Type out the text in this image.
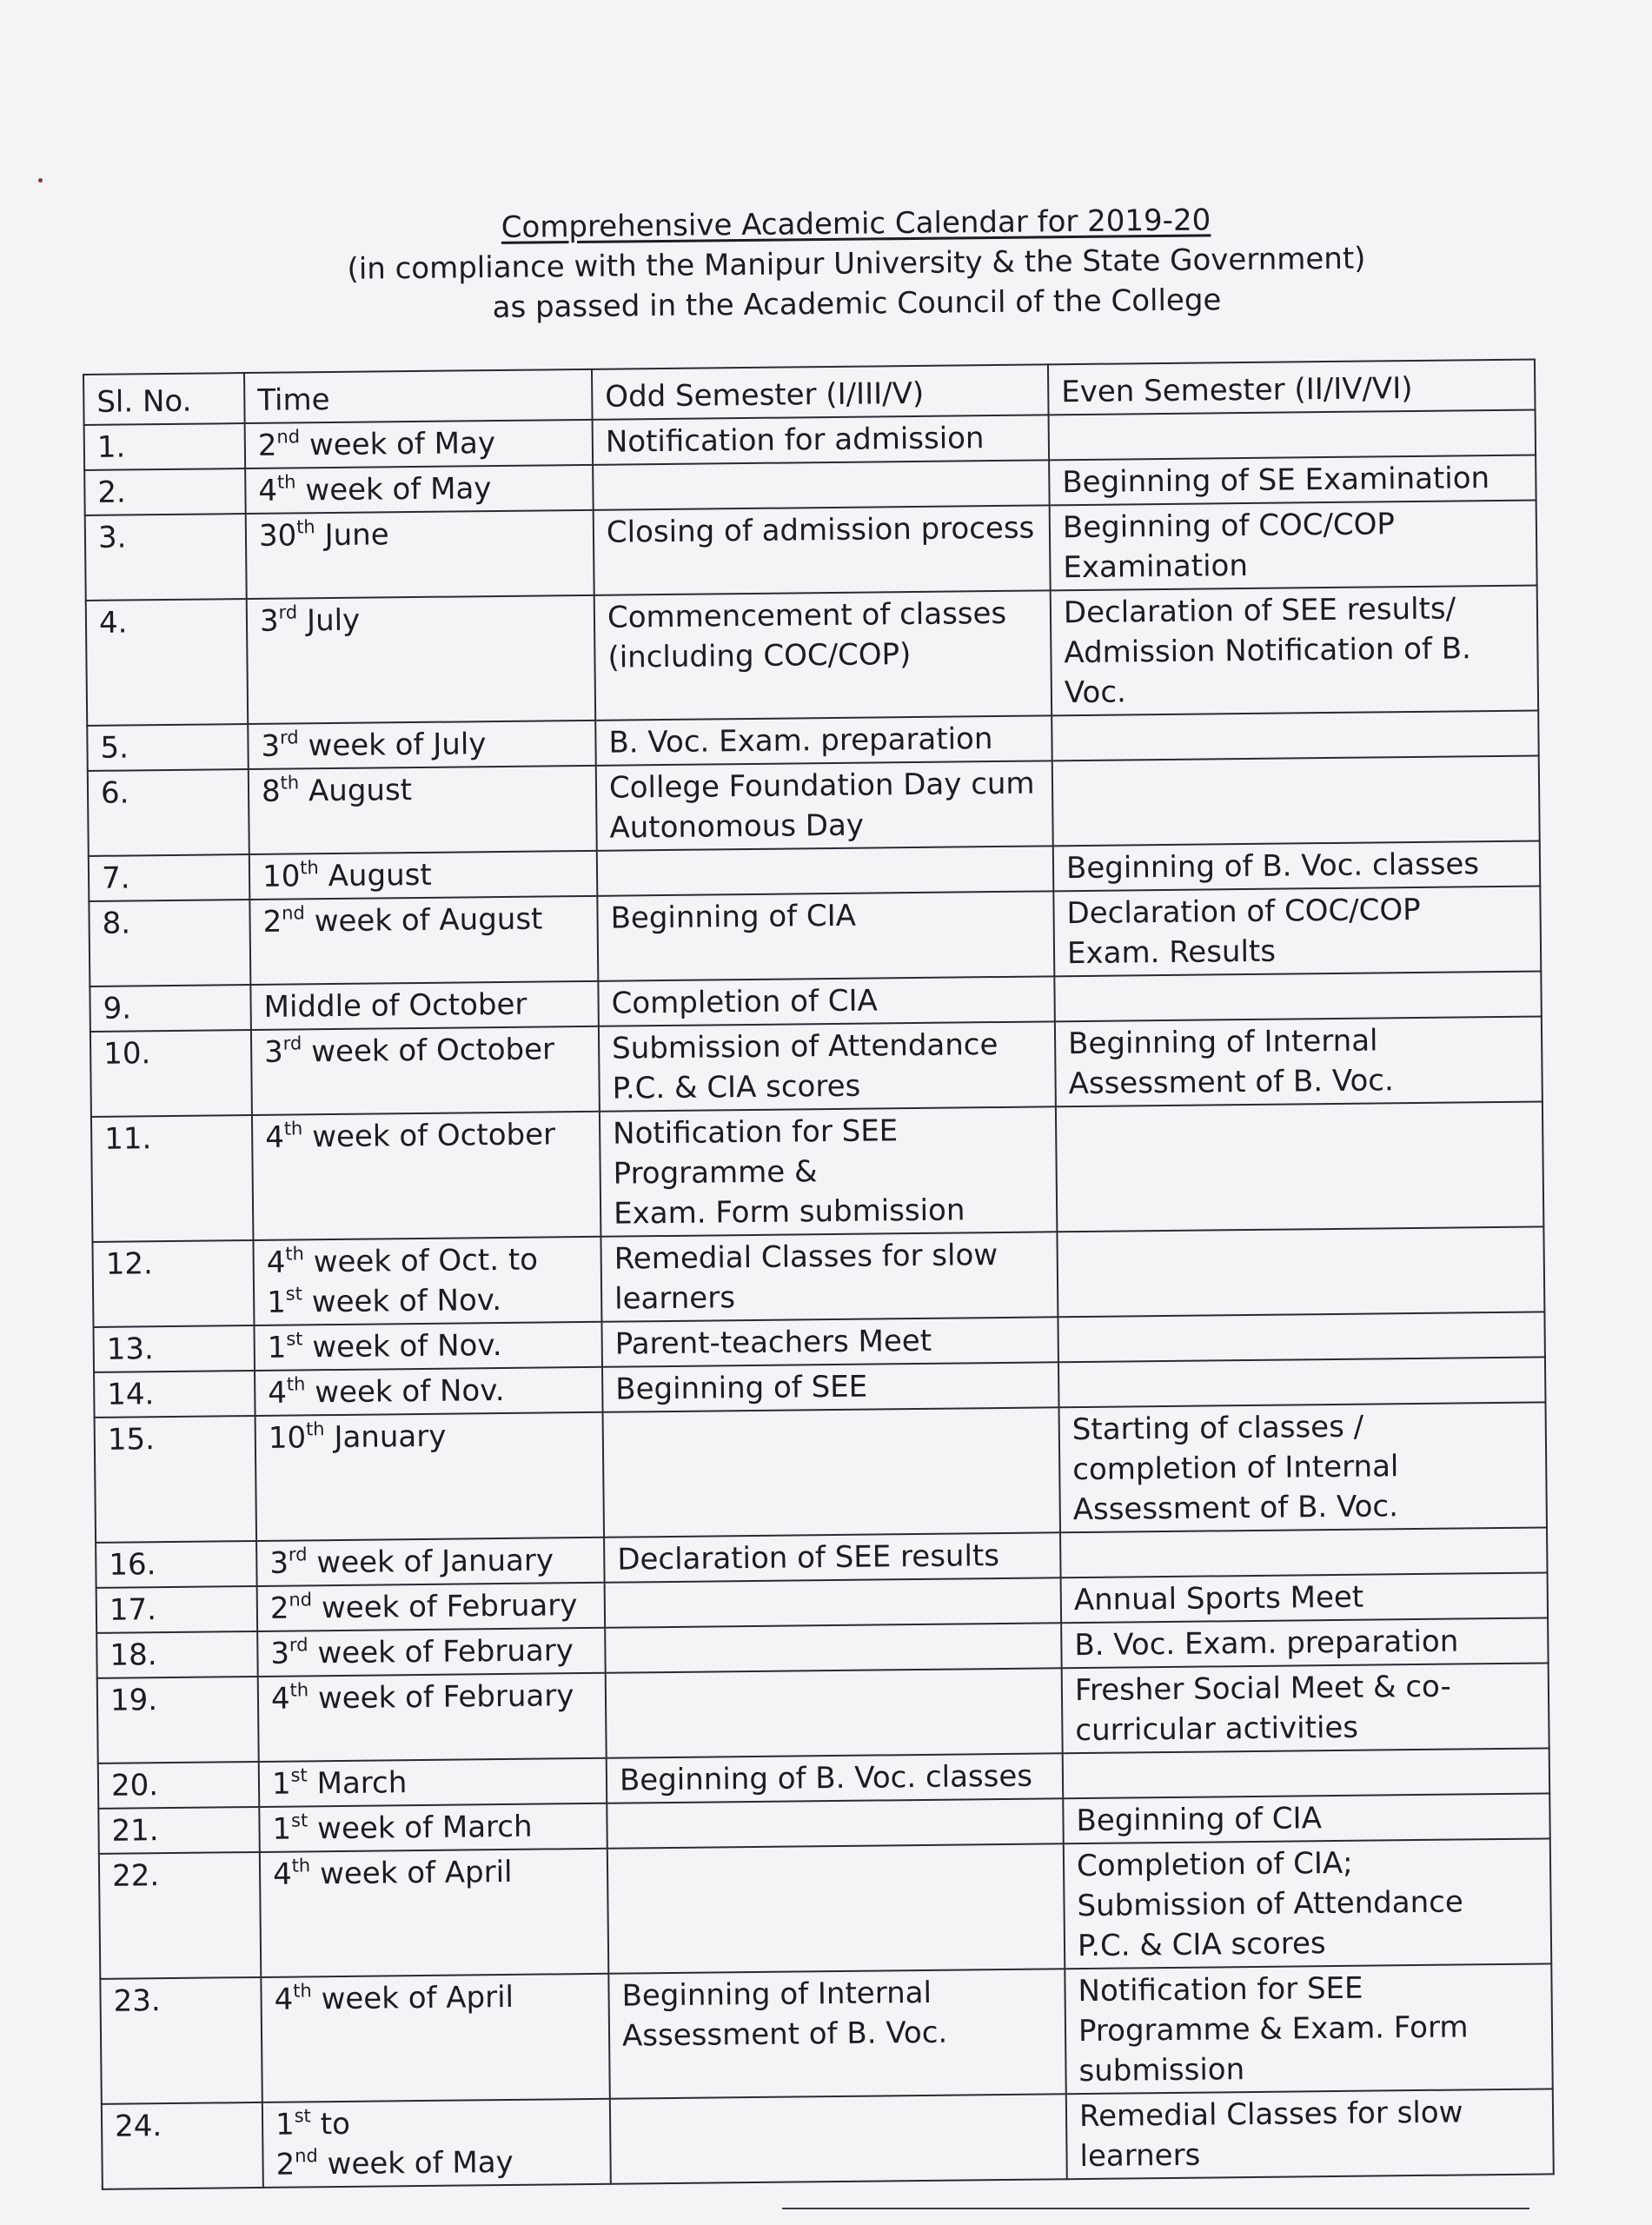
Comprehensive Academic Calendar for 2019-20
(in compliance with the Manipur University & the State Government)
as passed in the Academic Council of the College
Sl. No.	Time	Odd Semester (I/III/V)	Even Semester (II/IV/VI)
1.	2nd week of May	Notification for admission	

2.	4th week of May		Beginning of SE Examination

3.	30th June	Closing of admission process	Beginning of COC/COP
Examination

4.	3rd July	Commencement of classes
(including COC/COP)	Declaration of SEE results/
Admission Notification of B.
Voc.

5.	3rd week of July	B. Voc. Exam. preparation	

6.	8th August	College Foundation Day cum
Autonomous Day	

7.	10th August		Beginning of B. Voc. classes

8.	2nd week of August	Beginning of CIA	Declaration of COC/COP
Exam. Results

9.	Middle of October	Completion of CIA	

10.	3rd week of October	Submission of Attendance
P.C. & CIA scores	Beginning of Internal
Assessment of B. Voc.

11.	4th week of October	Notification for SEE
Programme &
Exam. Form submission	

12.	4th week of Oct. to
1st week of Nov.	Remedial Classes for slow
learners	

13.	1st week of Nov.	Parent-teachers Meet	

14.	4th week of Nov.	Beginning of SEE	

15.	10th January		Starting of classes /
completion of Internal
Assessment of B. Voc.

16.	3rd week of January	Declaration of SEE results	

17.	2nd week of February		Annual Sports Meet

18.	3rd week of February		B. Voc. Exam. preparation

19.	4th week of February		Fresher Social Meet & co-
curricular activities

20.	1st March	Beginning of B. Voc. classes	

21.	1st week of March		Beginning of CIA

22.	4th week of April		Completion of CIA;
Submission of Attendance
P.C. & CIA scores

23.	4th week of April	Beginning of Internal
Assessment of B. Voc.	Notification for SEE
Programme & Exam. Form
submission

24.	1st to
2nd week of May		Remedial Classes for slow
learners
